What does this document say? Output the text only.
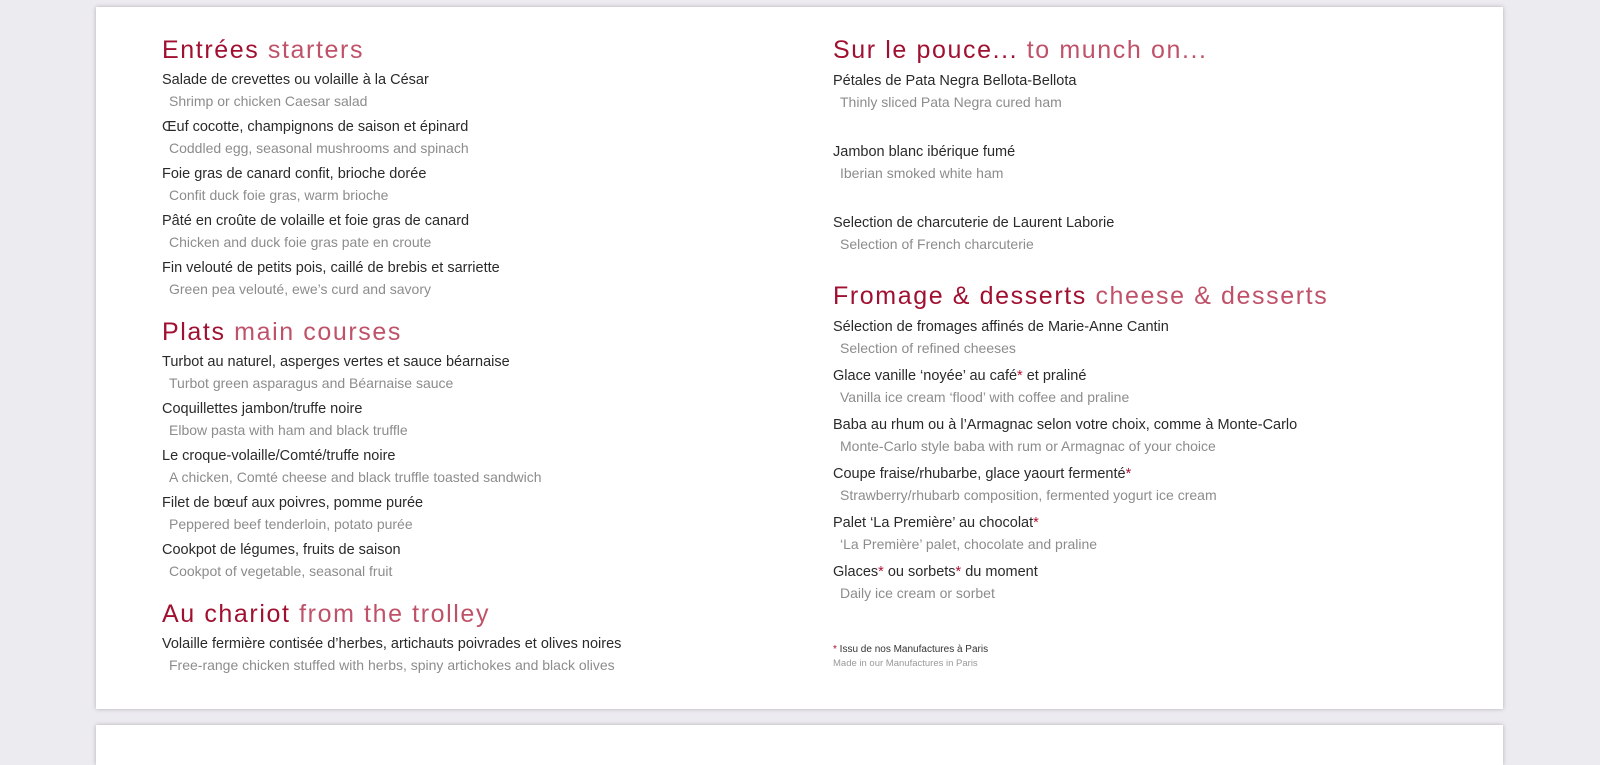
Entrées starters
Salade de crevettes ou volaille à la César
Shrimp or chicken Caesar salad
Œuf cocotte, champignons de saison et épinard
Coddled egg, seasonal mushrooms and spinach
Foie gras de canard confit, brioche dorée
Confit duck foie gras, warm brioche
Pâté en croûte de volaille et foie gras de canard
Chicken and duck foie gras pate en croute
Fin velouté de petits pois, caillé de brebis et sarriette
Green pea velouté, ewe’s curd and savory
Plats main courses
Turbot au naturel, asperges vertes et sauce béarnaise
Turbot green asparagus and Béarnaise sauce
Coquillettes jambon/truffe noire
Elbow pasta with ham and black truffle
Le croque-volaille/Comté/truffe noire
A chicken, Comté cheese and black truffle toasted sandwich
Filet de bœuf aux poivres, pomme purée
Peppered beef tenderloin, potato purée
Cookpot de légumes, fruits de saison
Cookpot of vegetable, seasonal fruit
Au chariot from the trolley
Volaille fermière contisée d’herbes, artichauts poivrades et olives noires
Free-range chicken stuffed with herbs, spiny artichokes and black olives
Sur le pouce... to munch on...
Pétales de Pata Negra Bellota-Bellota
Thinly sliced Pata Negra cured ham
Jambon blanc ibérique fumé
Iberian smoked white ham
Selection de charcuterie de Laurent Laborie
Selection of French charcuterie
Fromage & desserts cheese & desserts
Sélection de fromages affinés de Marie-Anne Cantin
Selection of refined cheeses
Glace vanille ‘noyée’ au café* et praliné
Vanilla ice cream ‘flood’ with coffee and praline
Baba au rhum ou à l’Armagnac selon votre choix, comme à Monte-Carlo
Monte-Carlo style baba with rum or Armagnac of your choice
Coupe fraise/rhubarbe, glace yaourt fermenté*
Strawberry/rhubarb composition, fermented yogurt ice cream
Palet ‘La Première’ au chocolat*
‘La Première’ palet, chocolate and praline
Glaces* ou sorbets* du moment
Daily ice cream or sorbet
* Issu de nos Manufactures à Paris
Made in our Manufactures in Paris
